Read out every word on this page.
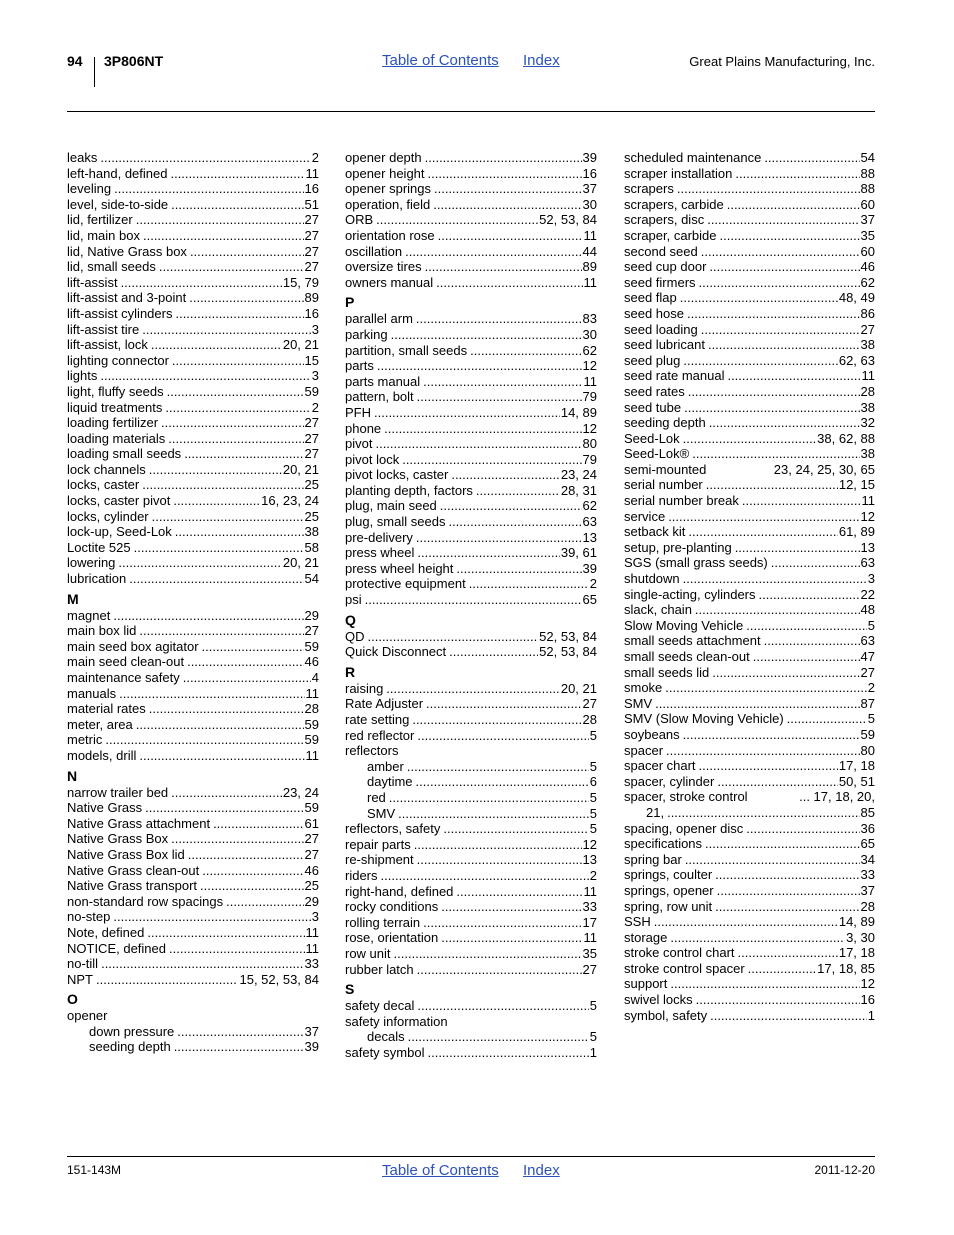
94 3P806NT	Table of Contents Index	Great Plains Manufacturing, Inc.
leaks .....	2
left-hand, defined .....	11
leveling .....	16
level, side-to-side .....	51
lid, fertilizer .....	27
lid, main box .....	27
lid, Native Grass box .....	27
lid, small seeds .....	27
lift-assist .....	15, 79
lift-assist and 3-point .....	89
lift-assist cylinders .....	16
lift-assist tire .....	3
lift-assist, lock .....	20, 21
lighting connector .....	15
lights .....	3
light, fluffy seeds .....	59
liquid treatments .....	2
loading fertilizer .....	27
loading materials .....	27
loading small seeds .....	27
lock channels .....	20, 21
locks, caster .....	25
locks, caster pivot .....	16, 23, 24
locks, cylinder .....	25
lock-up, Seed-Lok .....	38
Loctite 525 .....	58
lowering .....	20, 21
lubrication .....	54
M
magnet .....	29
main box lid .....	27
main seed box agitator .....	59
main seed clean-out .....	46
maintenance safety .....	4
manuals .....	11
material rates .....	28
meter, area .....	59
metric .....	59
models, drill .....	11
N
narrow trailer bed .....	23, 24
Native Grass .....	59
Native Grass attachment .....	61
Native Grass Box .....	27
Native Grass Box lid .....	27
Native Grass clean-out .....	46
Native Grass transport .....	25
non-standard row spacings .....	29
no-step .....	3
Note, defined .....	11
NOTICE, defined .....	11
no-till .....	33
NPT .....	15, 52, 53, 84
O
opener
down pressure .....	37
seeding depth .....	39
opener depth .....	39
opener height .....	16
opener springs .....	37
operation, field .....	30
ORB .....	52, 53, 84
orientation rose .....	11
oscillation .....	44
oversize tires .....	89
owners manual .....	11
P
parallel arm .....	83
parking .....	30
partition, small seeds .....	62
parts .....	12
parts manual .....	11
pattern, bolt .....	79
PFH .....	14, 89
phone .....	12
pivot .....	80
pivot lock .....	79
pivot locks, caster .....	23, 24
planting depth, factors .....	28, 31
plug, main seed .....	62
plug, small seeds .....	63
pre-delivery .....	13
press wheel .....	39, 61
press wheel height .....	39
protective equipment .....	2
psi .....	65
Q
QD .....	52, 53, 84
Quick Disconnect .....	52, 53, 84
R
raising .....	20, 21
Rate Adjuster .....	27
rate setting .....	28
red reflector .....	5
reflectors
amber .....	5
daytime .....	6
red .....	5
SMV .....	5
reflectors, safety .....	5
repair parts .....	12
re-shipment .....	13
riders .....	2
right-hand, defined .....	11
rocky conditions .....	33
rolling terrain .....	17
rose, orientation .....	11
row unit .....	35
rubber latch .....	27
S
safety decal .....	5
safety information
decals .....	5
safety symbol .....	1
scheduled maintenance .....	54
scraper installation .....	88
scrapers .....	88
scrapers, carbide .....	60
scrapers, disc .....	37
scraper, carbide .....	35
second seed .....	60
seed cup door .....	46
seed firmers .....	62
seed flap .....	48, 49
seed hose .....	86
seed loading .....	27
seed lubricant .....	38
seed plug .....	62, 63
seed rate manual .....	11
seed rates .....	28
seed tube .....	38
seeding depth .....	32
Seed-Lok .....	38, 62, 88
Seed-Lok® .....	38
semi-mounted	23, 24, 25, 30, 65
serial number .....	12, 15
serial number break .....	11
service .....	12
setback kit .....	61, 89
setup, pre-planting .....	13
SGS (small grass seeds) .....	63
shutdown .....	3
single-acting, cylinders .....	22
slack, chain .....	48
Slow Moving Vehicle .....	5
small seeds attachment .....	63
small seeds clean-out .....	47
small seeds lid .....	27
smoke .....	2
SMV .....	87
SMV (Slow Moving Vehicle) .....	5
soybeans .....	59
spacer .....	80
spacer chart .....	17, 18
spacer, cylinder .....	50, 51
spacer, stroke control	... 17, 18, 20,
21, .....	85
spacing, opener disc .....	36
specifications .....	65
spring bar .....	34
springs, coulter .....	33
springs, opener .....	37
spring, row unit .....	28
SSH .....	14, 89
storage .....	3, 30
stroke control chart .....	17, 18
stroke control spacer .....	17, 18, 85
support .....	12
swivel locks .....	16
symbol, safety .....	1
151-143M	Table of Contents Index	2011-12-20
